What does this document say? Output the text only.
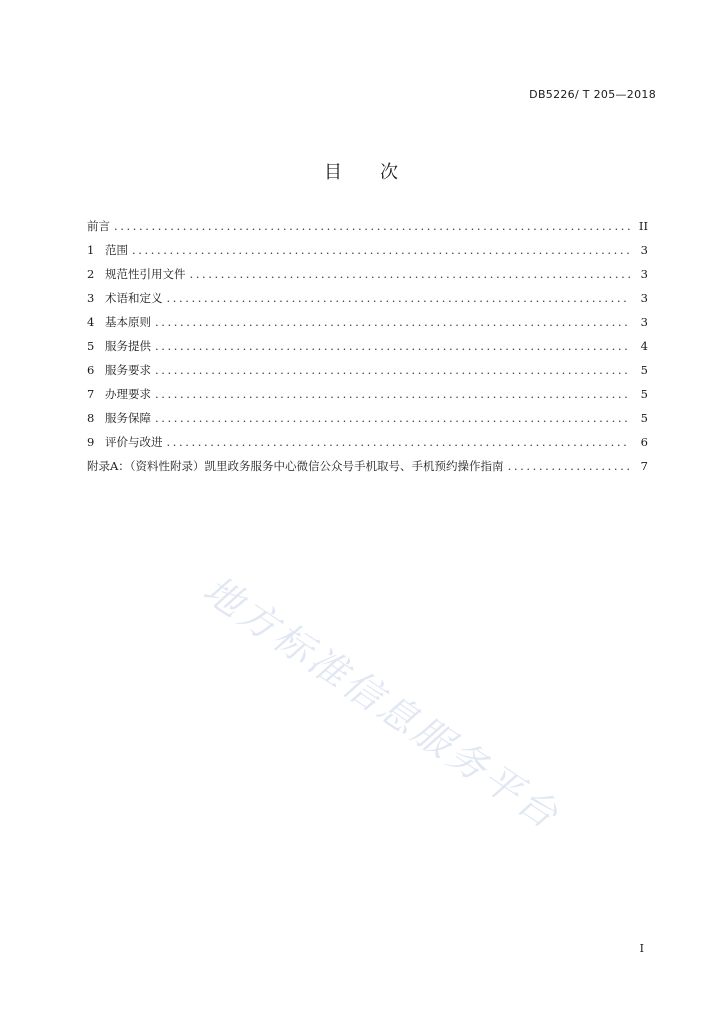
DB5226/ T 205—2018
目 次
前言 .....	II
1 范围 .....	3
2 规范性引用文件 .....	3
3 术语和定义 .....	3
4 基本原则 .....	3
5 服务提供 .....	4
6 服务要求 .....	5
7 办理要求 .....	5
8 服务保障 .....	5
9 评价与改进 .....	6
附录A：（资料性附录）凯里政务服务中心微信公众号手机取号、手机预约操作指南 .....	7
地方标准信息服务平台
I
